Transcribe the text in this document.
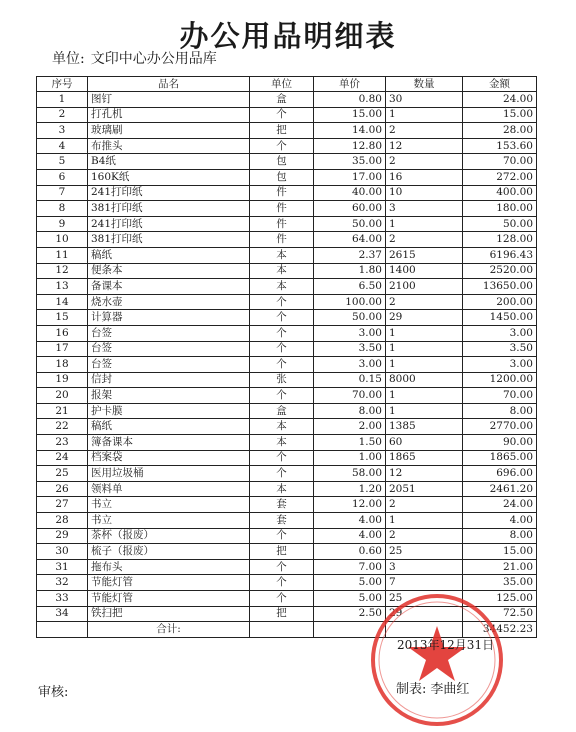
办公用品明细表
单位: 文印中心办公用品库
序号	品名	单位	单价	数量	金额
1	图钉	盒	0.80	30	24.00
2	打孔机	个	15.00	1	15.00
3	玻璃刷	把	14.00	2	28.00
4	布推头	个	12.80	12	153.60
5	B4纸	包	35.00	2	70.00
6	160K纸	包	17.00	16	272.00
7	241打印纸	件	40.00	10	400.00
8	381打印纸	件	60.00	3	180.00
9	241打印纸	件	50.00	1	50.00
10	381打印纸	件	64.00	2	128.00
11	稿纸	本	2.37	2615	6196.43
12	便条本	本	1.80	1400	2520.00
13	备课本	本	6.50	2100	13650.00
14	烧水壶	个	100.00	2	200.00
15	计算器	个	50.00	29	1450.00
16	台签	个	3.00	1	3.00
17	台签	个	3.50	1	3.50
18	台签	个	3.00	1	3.00
19	信封	张	0.15	8000	1200.00
20	报架	个	70.00	1	70.00
21	护卡膜	盒	8.00	1	8.00
22	稿纸	本	2.00	1385	2770.00
23	簿备课本	本	1.50	60	90.00
24	档案袋	个	1.00	1865	1865.00
25	医用垃圾桶	个	58.00	12	696.00
26	领料单	本	1.20	2051	2461.20
27	书立	套	12.00	2	24.00
28	书立	套	4.00	1	4.00
29	茶杯（报废）	个	4.00	2	8.00
30	梳子（报废）	把	0.60	25	15.00
31	拖布头	个	7.00	3	21.00
32	节能灯管	个	5.00	7	35.00
33	节能灯管	个	5.00	25	125.00
34	铁扫把	把	2.50	29	72.50
	合计:				34452.23
审核:
2013年12月31日
制表: 李曲红
